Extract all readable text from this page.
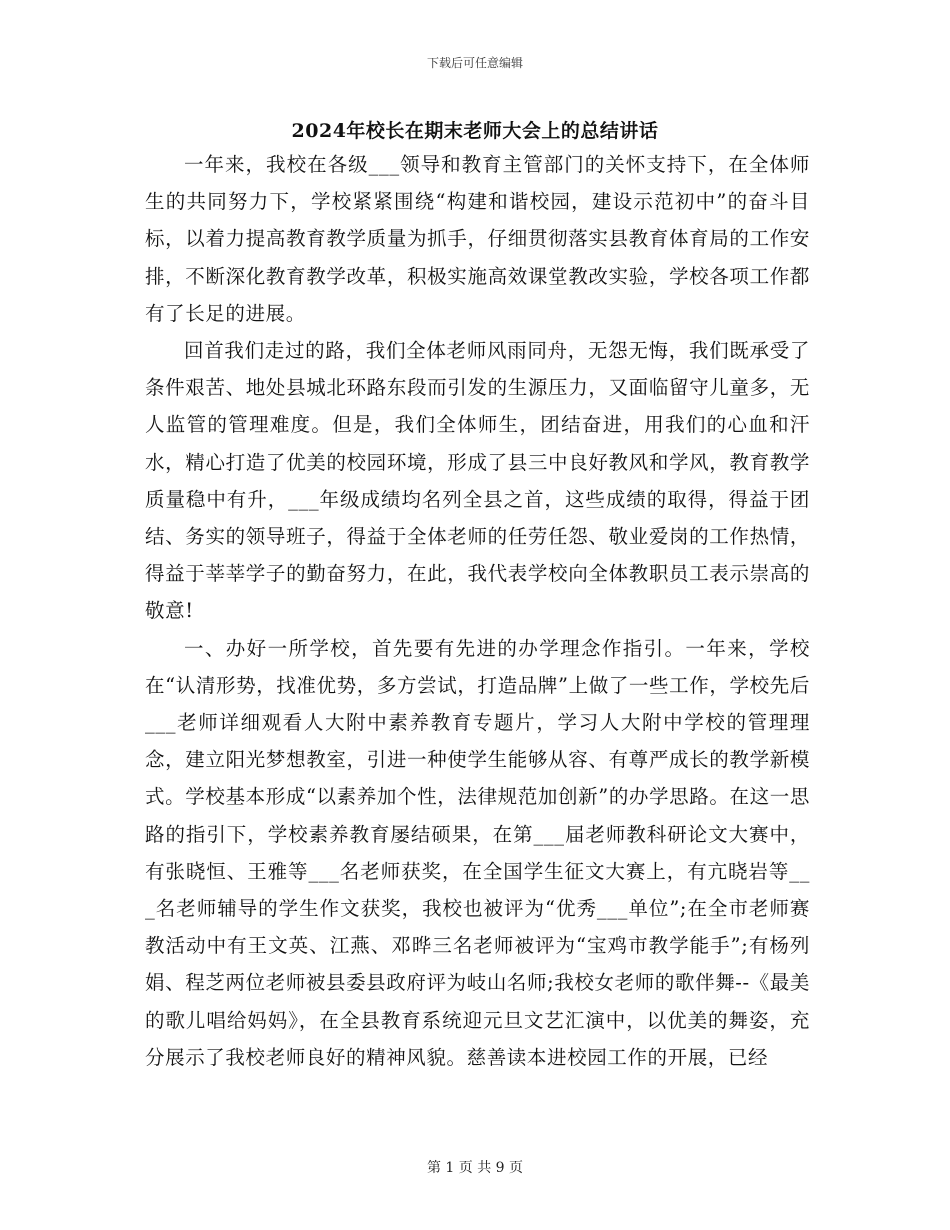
下载后可任意编辑
2024年校长在期末老师大会上的总结讲话

一年来，我校在各级___领导和教育主管部门的关怀支持下，在全体师生的共同努力下，学校紧紧围绕“构建和谐校园，建设示范初中”的奋斗目标，以着力提高教育教学质量为抓手，仔细贯彻落实县教育体育局的工作安排，不断深化教育教学改革，积极实施高效课堂教改实验，学校各项工作都有了长足的进展。

回首我们走过的路，我们全体老师风雨同舟，无怨无悔，我们既承受了条件艰苦、地处县城北环路东段而引发的生源压力，又面临留守儿童多，无人监管的管理难度。但是，我们全体师生，团结奋进，用我们的心血和汗水，精心打造了优美的校园环境，形成了县三中良好教风和学风，教育教学质量稳中有升，___年级成绩均名列全县之首，这些成绩的取得，得益于团结、务实的领导班子，得益于全体老师的任劳任怨、敬业爱岗的工作热情，得益于莘莘学子的勤奋努力，在此，我代表学校向全体教职员工表示崇高的敬意!

一、办好一所学校，首先要有先进的办学理念作指引。一年来，学校在“认清形势，找准优势，多方尝试，打造品牌”上做了一些工作，学校先后___老师详细观看人大附中素养教育专题片，学习人大附中学校的管理理念，建立阳光梦想教室，引进一种使学生能够从容、有尊严成长的教学新模式。学校基本形成“以素养加个性，法律规范加创新”的办学思路。在这一思路的指引下，学校素养教育屡结硕果，在第___届老师教科研论文大赛中，有张晓恒、王雅等___名老师获奖，在全国学生征文大赛上，有亢晓岩等___名老师辅导的学生作文获奖，我校也被评为“优秀___单位”;在全市老师赛教活动中有王文英、江燕、邓晔三名老师被评为“宝鸡市教学能手”;有杨列娟、程芝两位老师被县委县政府评为岐山名师;我校女老师的歌伴舞--《最美的歌儿唱给妈妈》，在全县教育系统迎元旦文艺汇演中，以优美的舞姿，充分展示了我校老师良好的精神风貌。慈善读本进校园工作的开展，已经

第 1 页 共 9 页
